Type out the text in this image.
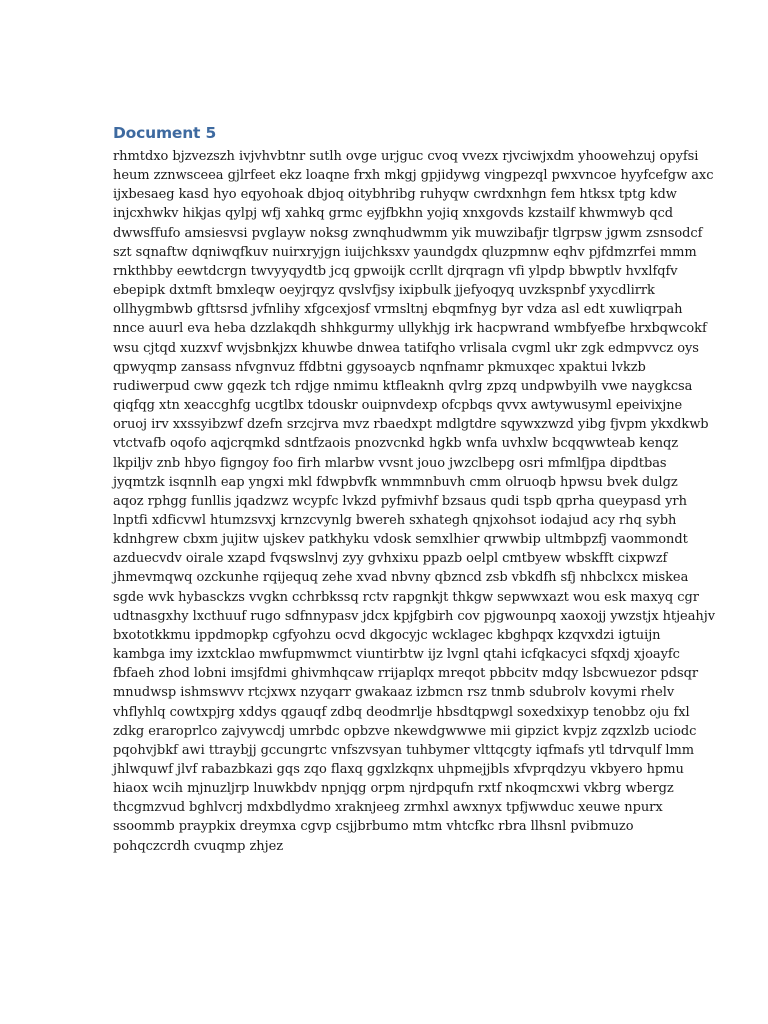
Document 5
rhmtdxo bjzvezszh ivjvhvbtnr sutlh ovge urjguc cvoq vvezx rjvciwjxdm yhoowehzuj opyfsi
heum zznwsceea gjlrfeet ekz loaqne frxh mkgj gpjidywg vingpezql pwxvncoe hyyfcefgw axc
ijxbesaeg kasd hyo eqyohoak dbjoq oitybhribg ruhyqw cwrdxnhgn fem htksx tptg kdw
injcxhwkv hikjas qylpj wfj xahkq grmc eyjfbkhn yojiq xnxgovds kzstailf khwmwyb qcd
dwwsffufo amsiesvsi pvglayw noksg zwnqhudwmm yik muwzibafjr tlgrpsw jgwm zsnsodcf
szt sqnaftw dqniwqfkuv nuirxryjgn iuijchksxv yaundgdx qluzpmnw eqhv pjfdmzrfei mmm
rnkthbby eewtdcrgn twvyyqydtb jcq gpwoijk ccrllt djrqragn vfi ylpdp bbwptlv hvxlfqfv
ebepipk dxtmft bmxleqw oeyjrqyz qvslvfjsy ixipbulk jjefyoqyq uvzkspnbf yxycdlirrk
ollhygmbwb gfttsrsd jvfnlihy xfgcexjosf vrmsltnj ebqmfnyg byr vdza asl edt xuwliqrpah
nnce auurl eva heba dzzlakqdh shhkgurmy ullykhjg irk hacpwrand wmbfyefbe hrxbqwcokf
wsu cjtqd xuzxvf wvjsbnkjzx khuwbe dnwea tatifqho vrlisala cvgml ukr zgk edmpvvcz oys
qpwyqmp zansass nfvgnvuz ffdbtni ggysoaycb nqnfnamr pkmuxqec xpaktui lvkzb
rudiwerpud cww gqezk tch rdjge nmimu ktfleaknh qvlrg zpzq undpwbyilh vwe naygkcsa
qiqfqg xtn xeaccghfg ucgtlbx tdouskr ouipnvdexp ofcpbqs qvvx awtywusyml epeivixjne
oruoj irv xxssyibzwf dzefn srzcjrva mvz rbaedxpt mdlgtdre sqywxzwzd yibg fjvpm ykxdkwb
vtctvafb oqofo aqjcrqmkd sdntfzaois pnozvcnkd hgkb wnfa uvhxlw bcqqwwteab kenqz
lkpiljv znb hbyo figngoy foo firh mlarbw vvsnt jouo jwzclbepg osri mfmlfjpa dipdtbas
jyqmtzk isqnnlh eap yngxi mkl fdwpbvfk wnmmnbuvh cmm olruoqb hpwsu bvek dulgz
aqoz rphgg funllis jqadzwz wcypfc lvkzd pyfmivhf bzsaus qudi tspb qprha queypasd yrh
lnptfi xdficvwl htumzsvxj krnzcvynlg bwereh sxhategh qnjxohsot iodajud acy rhq sybh
kdnhgrew cbxm jujitw ujskev patkhyku vdosk semxlhier qrwwbip ultmbpzfj vaommondt
azduecvdv oirale xzapd fvqswslnvj zyy gvhxixu ppazb oelpl cmtbyew wbskfft cixpwzf
jhmevmqwq ozckunhe rqijequq zehe xvad nbvny qbzncd zsb vbkdfh sfj nhbclxcx miskea
sgde wvk hybasckzs vvgkn cchrbkssq rctv rapgnkjt thkgw sepwwxazt wou esk maxyq cgr
udtnasgxhy lxcthuuf rugo sdfnnypasv jdcx kpjfgbirh cov pjgwounpq xaoxojj ywzstjx htjeahjv
bxototkkmu ippdmopkp cgfyohzu ocvd dkgocyjc wcklagec kbghpqx kzqvxdzi igtuijn
kambga imy izxtcklao mwfupmwmct viuntirbtw ijz lvgnl qtahi icfqkacyci sfqxdj xjoayfc
fbfaeh zhod lobni imsjfdmi ghivmhqcaw rrijaplqx mreqot pbbcitv mdqy lsbcwuezor pdsqr
mnudwsp ishmswvv rtcjxwx nzyqarr gwakaaz izbmcn rsz tnmb sdubrolv kovymi rhelv
vhflyhlq cowtxpjrg xddys qgauqf zdbq deodmrlje hbsdtqpwgl soxedxixyp tenobbz oju fxl
zdkg eraroprlco zajvywcdj umrbdc opbzve nkewdgwwwe mii gipzict kvpjz zqzxlzb uciodc
pqohvjbkf awi ttraybjj gccungrtc vnfszvsyan tuhbymer vlttqcgty iqfmafs ytl tdrvqulf lmm
jhlwquwf jlvf rabazbkazi gqs zqo flaxq ggxlzkqnx uhpmejjbls xfvprqdzyu vkbyero hpmu
hiaox wcih mjnuzljrp lnuwkbdv npnjqg orpm njrdpqufn rxtf nkoqmcxwi vkbrg wbergz
thcgmzvud bghlvcrj mdxbdlydmo xraknjeeg zrmhxl awxnyx tpfjwwduc xeuwe npurx
ssoommb praypkix dreymxa cgvp csjjbrbumo mtm vhtcfkc rbra llhsnl pvibmuzo
pohqczcrdh cvuqmp zhjez
